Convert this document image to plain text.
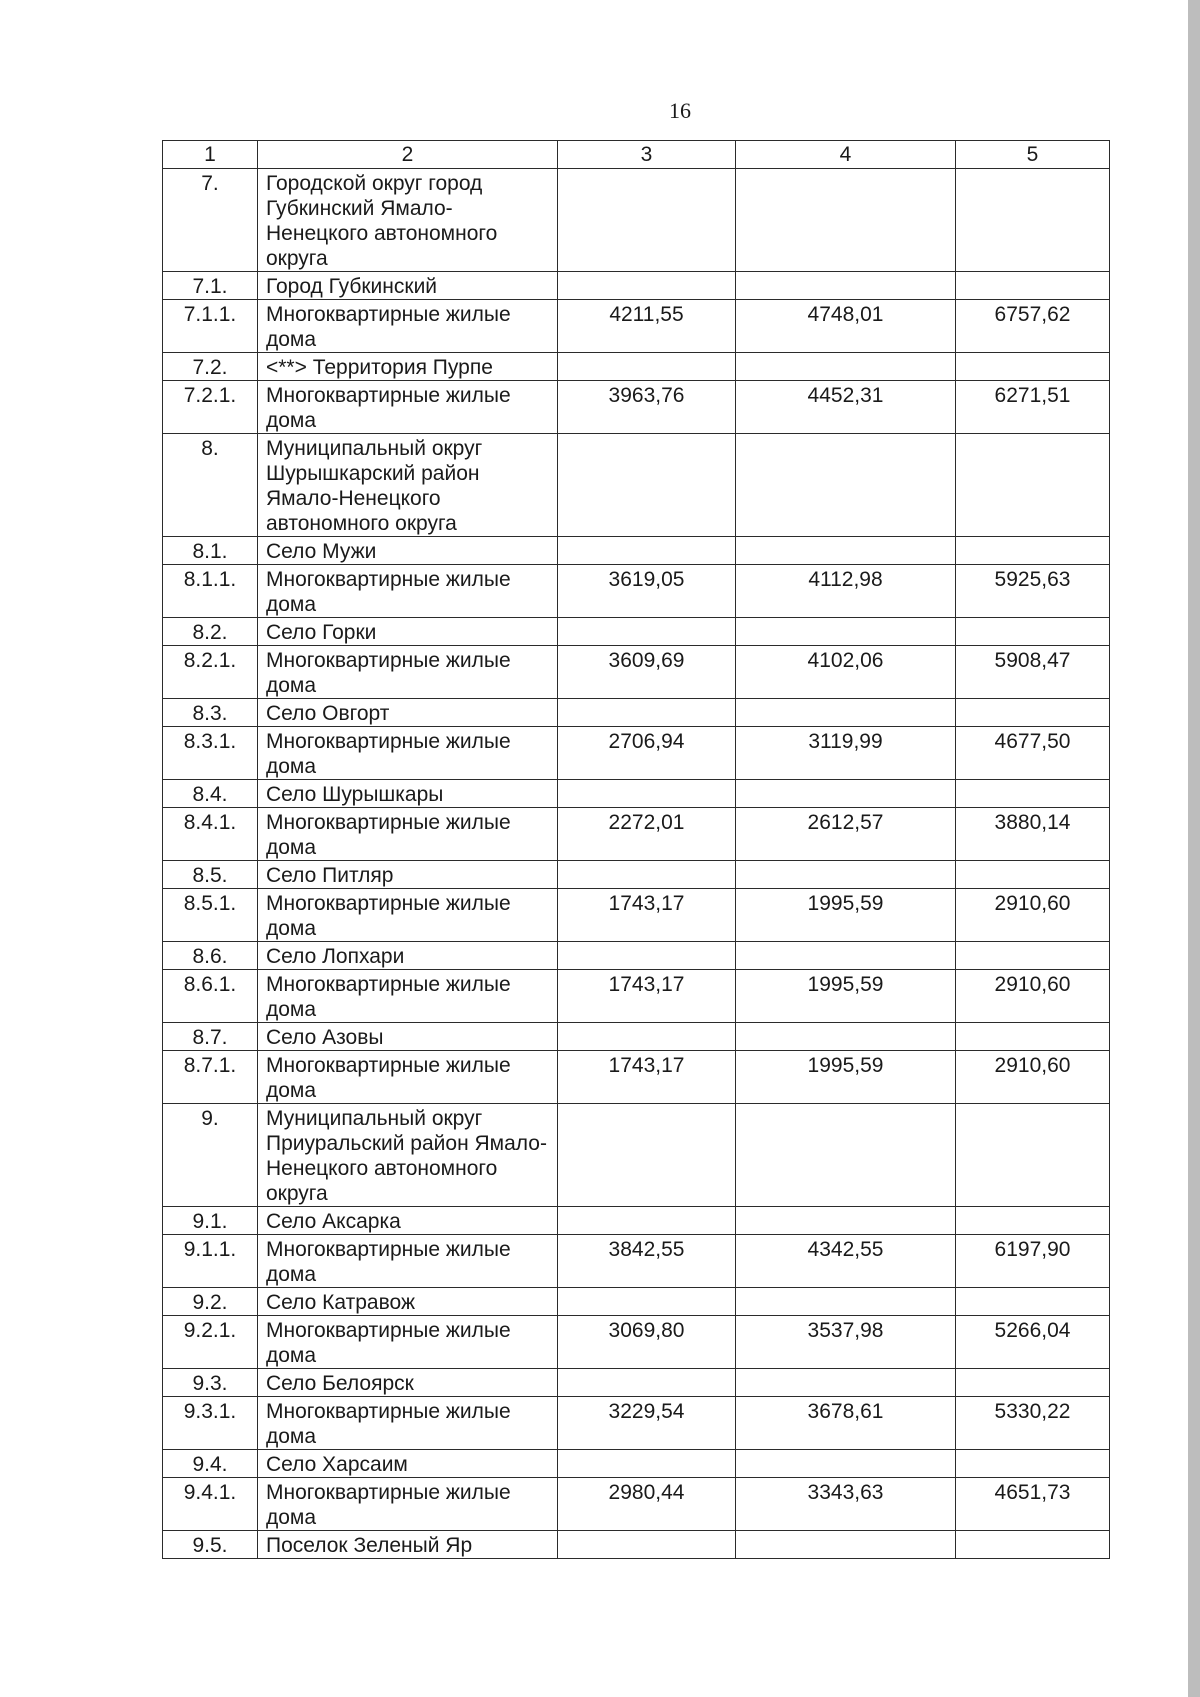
16
1	2	3	4	5
7.	Городской округ город Губкинский Ямало-Ненецкого автономного округа			
7.1.	Город Губкинский			
7.1.1.	Многоквартирные жилые дома	4211,55	4748,01	6757,62
7.2.	<**> Территория Пурпе			
7.2.1.	Многоквартирные жилые дома	3963,76	4452,31	6271,51
8.	Муниципальный округ Шурышкарский район Ямало-Ненецкого автономного округа			
8.1.	Село Мужи			
8.1.1.	Многоквартирные жилые дома	3619,05	4112,98	5925,63
8.2.	Село Горки			
8.2.1.	Многоквартирные жилые дома	3609,69	4102,06	5908,47
8.3.	Село Овгорт			
8.3.1.	Многоквартирные жилые дома	2706,94	3119,99	4677,50
8.4.	Село Шурышкары			
8.4.1.	Многоквартирные жилые дома	2272,01	2612,57	3880,14
8.5.	Село Питляр			
8.5.1.	Многоквартирные жилые дома	1743,17	1995,59	2910,60
8.6.	Село Лопхари			
8.6.1.	Многоквартирные жилые дома	1743,17	1995,59	2910,60
8.7.	Село Азовы			
8.7.1.	Многоквартирные жилые дома	1743,17	1995,59	2910,60
9.	Муниципальный округ Приуральский район Ямало-Ненецкого автономного округа			
9.1.	Село Аксарка			
9.1.1.	Многоквартирные жилые дома	3842,55	4342,55	6197,90
9.2.	Село Катравож			
9.2.1.	Многоквартирные жилые дома	3069,80	3537,98	5266,04
9.3.	Село Белоярск			
9.3.1.	Многоквартирные жилые дома	3229,54	3678,61	5330,22
9.4.	Село Харсаим			
9.4.1.	Многоквартирные жилые дома	2980,44	3343,63	4651,73
9.5.	Поселок Зеленый Яр			
